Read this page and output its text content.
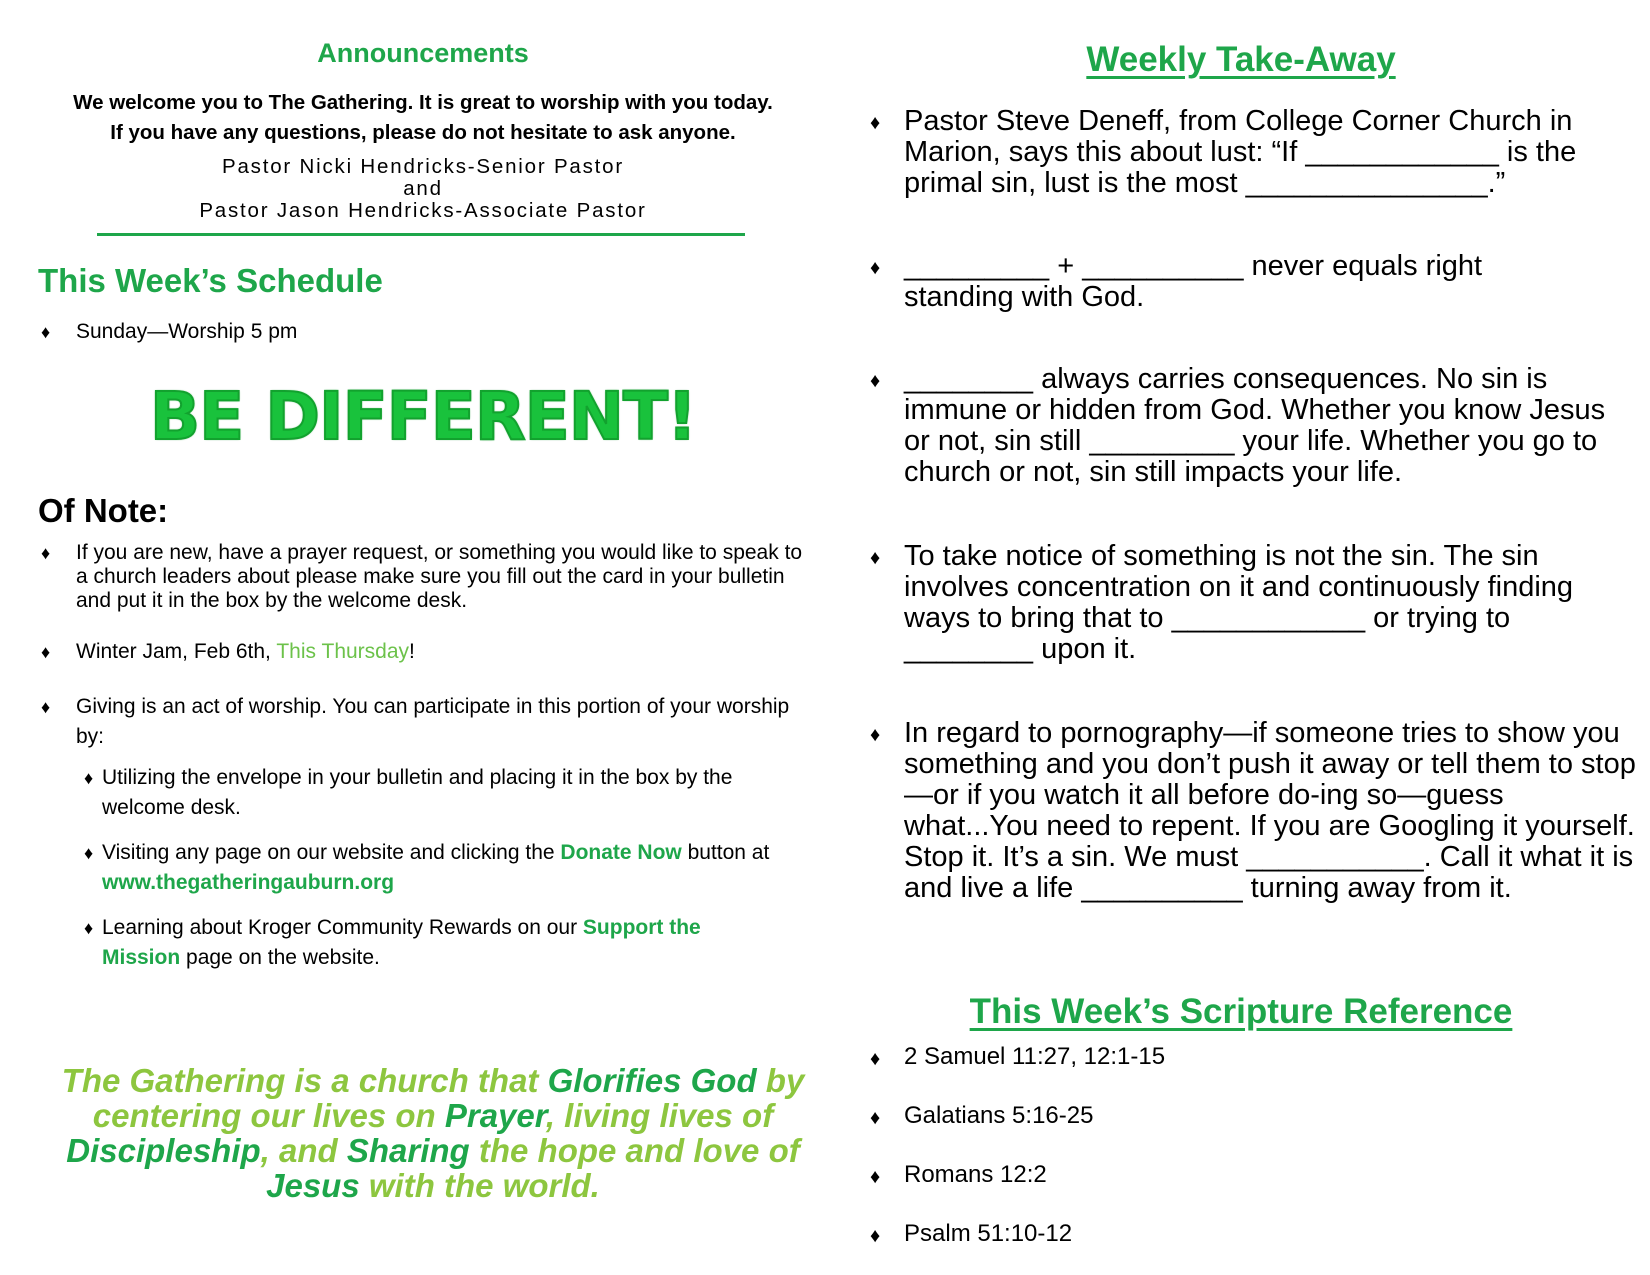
Announcements
We welcome you to The Gathering. It is great to worship with you today.
If you have any questions, please do not hesitate to ask anyone.
Pastor Nicki Hendricks-Senior Pastor
and
Pastor Jason Hendricks-Associate Pastor
This Week’s Schedule
♦ Sunday—Worship 5 pm
BE DIFFERENT!
Of Note:
♦ If you are new, have a prayer request, or something you would like to speak to a church leaders about please make sure you fill out the card in your bulletin and put it in the box by the welcome desk.
♦ Winter Jam, Feb 6th, This Thursday!
♦ Giving is an act of worship. You can participate in this portion of your worship by:
♦ Utilizing the envelope in your bulletin and placing it in the box by the welcome desk.
♦ Visiting any page on our website and clicking the Donate Now button at www.thegatheringauburn.org
♦ Learning about Kroger Community Rewards on our Support the Mission page on the website.
The Gathering is a church that Glorifies God by centering our lives on Prayer, living lives of Discipleship, and Sharing the hope and love of Jesus with the world.
Weekly Take-Away
♦ Pastor Steve Deneff, from College Corner Church in Marion, says this about lust: “If ____________ is the primal sin, lust is the most _______________.”
♦ _________ + __________ never equals right standing with God.
♦ ________ always carries consequences. No sin is immune or hidden from God. Whether you know Jesus or not, sin still _________ your life. Whether you go to church or not, sin still impacts your life.
♦ To take notice of something is not the sin. The sin involves concentration on it and continuously finding ways to bring that to ____________ or trying to ________ upon it.
♦ In regard to pornography—if someone tries to show you something and you don’t push it away or tell them to stop—or if you watch it all before do-ing so—guess what...You need to repent. If you are Googling it yourself. Stop it. It’s a sin. We must ___________. Call it what it is and live a life __________ turning away from it.
This Week’s Scripture Reference
♦ 2 Samuel 11:27, 12:1-15
♦ Galatians 5:16-25
♦ Romans 12:2
♦ Psalm 51:10-12
